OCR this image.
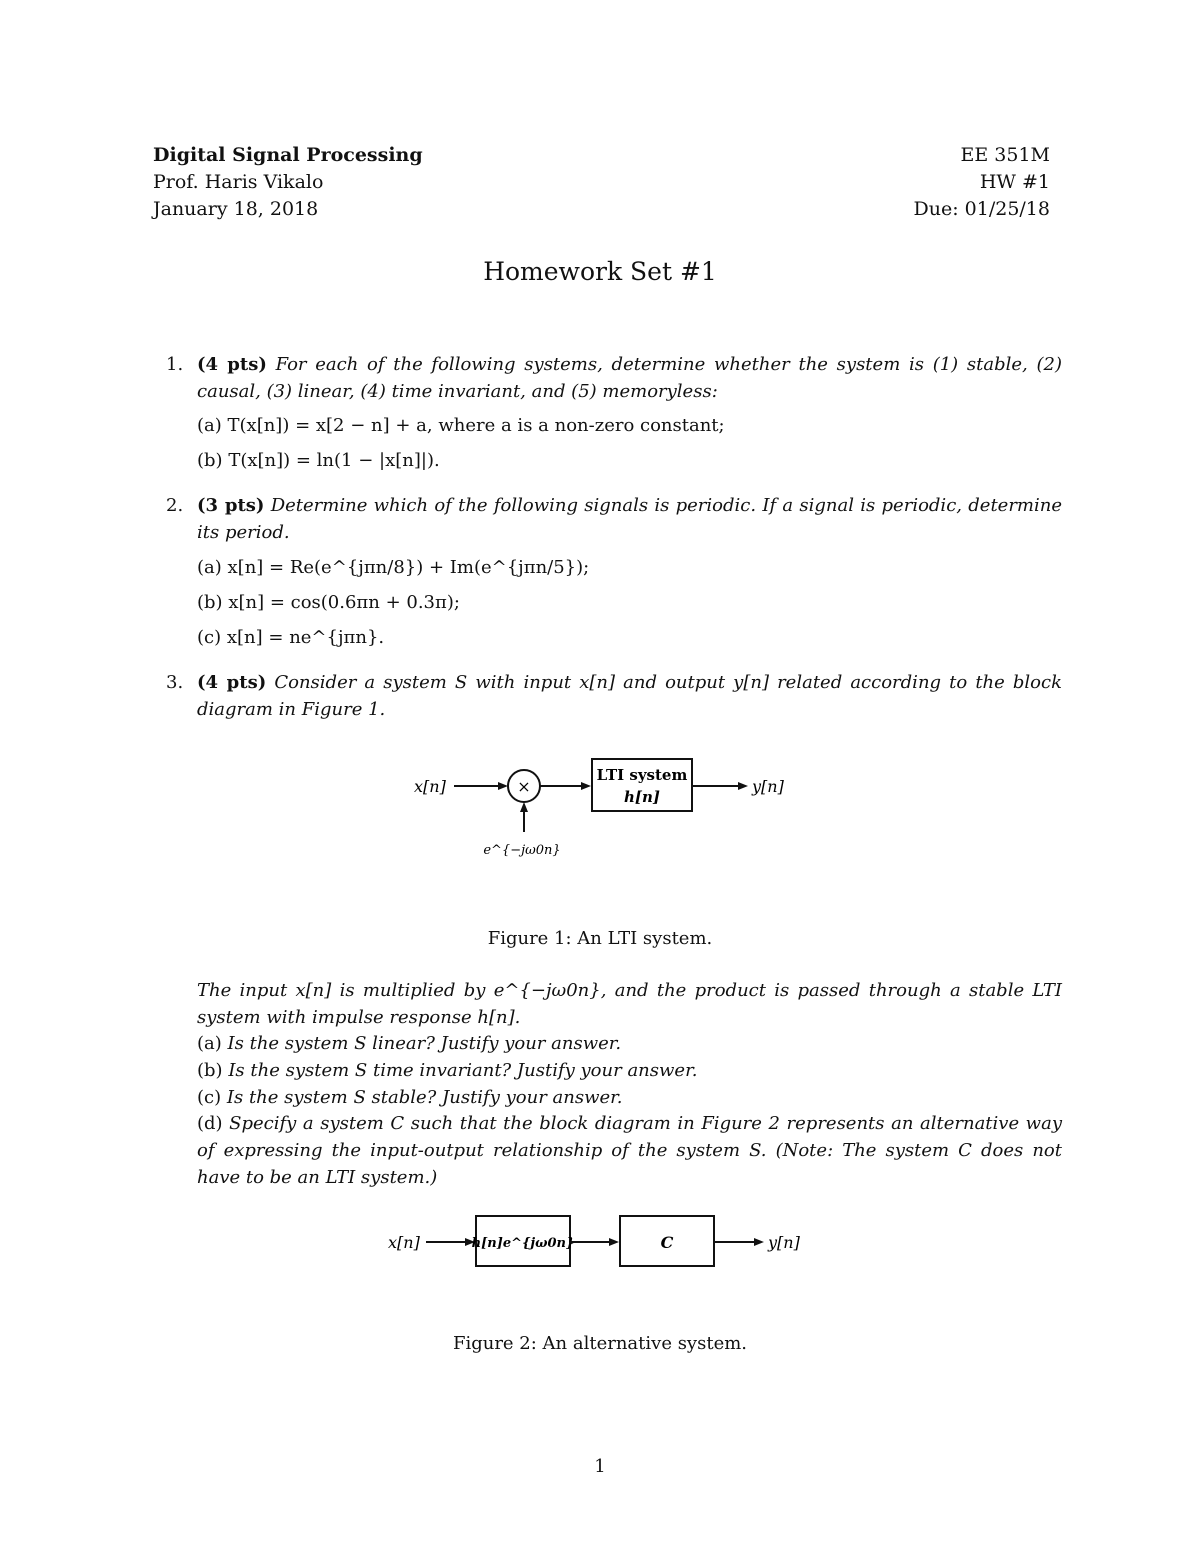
Digital Signal Processing
Prof. Haris Vikalo
January 18, 2018
EE 351M
HW #1
Due: 01/25/18
Homework Set #1
1. (4 pts) For each of the following systems, determine whether the system is (1) stable, (2) causal, (3) linear, (4) time invariant, and (5) memoryless:
(a) T(x[n]) = x[2 − n] + a, where a is a non-zero constant;
(b) T(x[n]) = ln(1 − |x[n]|).
2. (3 pts) Determine which of the following signals is periodic. If a signal is periodic, determine its period.
(a) x[n] = Re(e^{jπn/8}) + Im(e^{jπn/5});
(b) x[n] = cos(0.6πn + 0.3π);
(c) x[n] = ne^{jπn}.
3. (4 pts) Consider a system S with input x[n] and output y[n] related according to the block diagram in Figure 1.
x[n]	×
LTI system
h[n]
y[n]
e^{−jω0n}
Figure 1: An LTI system.
The input x[n] is multiplied by e^{−jω0n}, and the product is passed through a stable LTI system with impulse response h[n].
(a) Is the system S linear? Justify your answer.
(b) Is the system S time invariant? Justify your answer.
(c) Is the system S stable? Justify your answer.
(d) Specify a system C such that the block diagram in Figure 2 represents an alternative way of expressing the input-output relationship of the system S. (Note: The system C does not have to be an LTI system.)
x[n]	h[n]e^{jω0n}	C	y[n]
Figure 2: An alternative system.
1
